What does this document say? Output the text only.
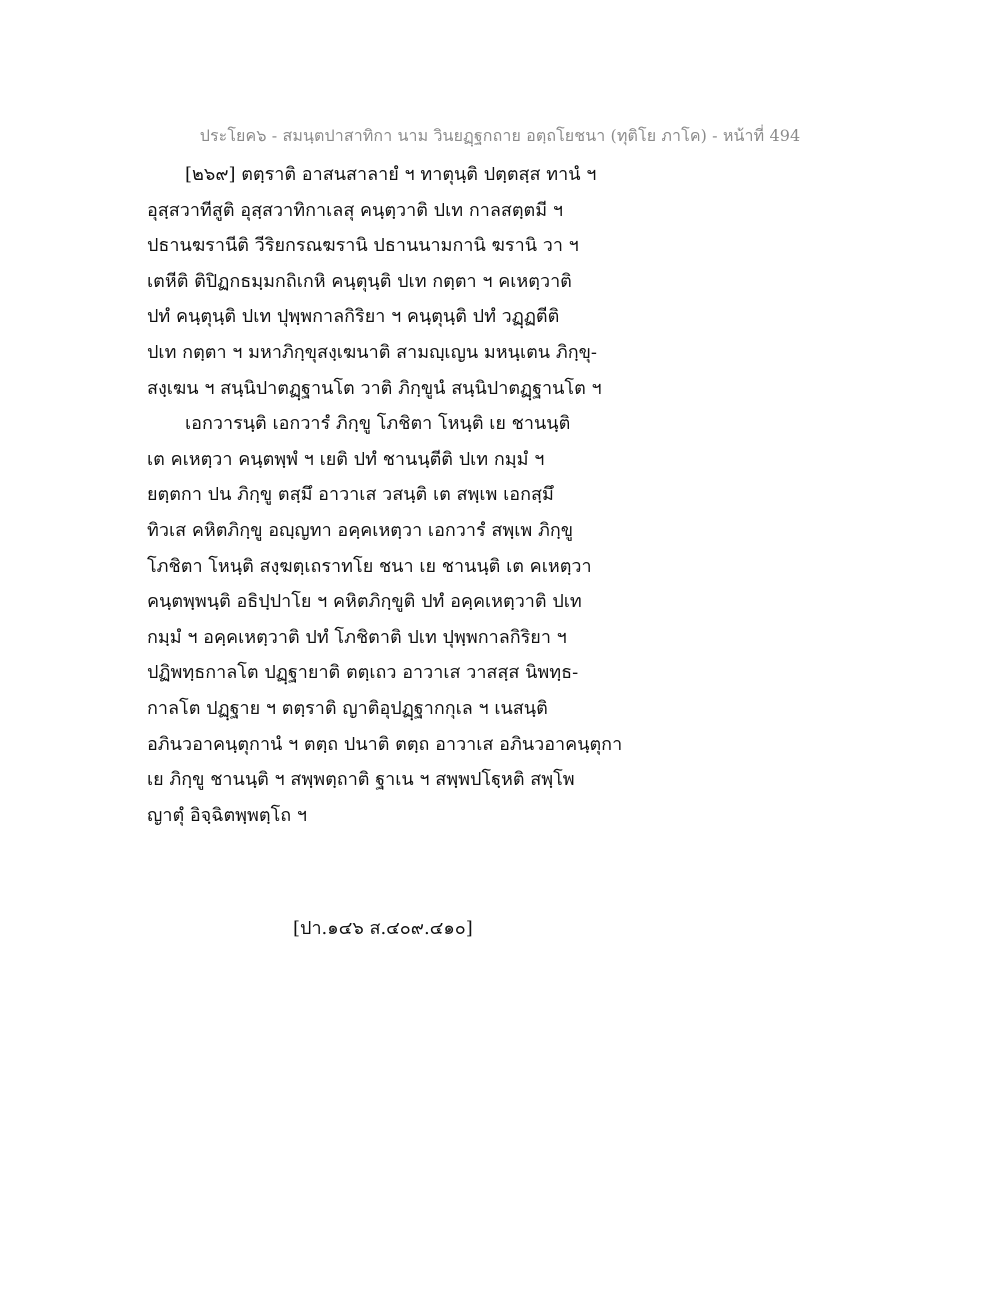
ประโยค๖ - สมนฺตปาสาทิกา นาม วินยฏฺฐกถาย อตฺถโยชนา (ทุติโย ภาโค) - หน้าที่ 494
[๒๖๙] ตตฺราติ อาสนสาลายํ ฯ ทาตุนฺติ ปตฺตสฺส ทานํ ฯ
อุสฺสวาทีสูติ อุสฺสวาทิกาเลสุ คนฺตฺวาติ ปเท กาลสตฺตมี ฯ
ปธานฆรานีติ วีริยกรณฆรานิ ปธานนามกานิ ฆรานิ วา ฯ
เตหีติ ติปิฏกธมฺมกถิเกหิ คนฺตุนฺติ ปเท กตฺตา ฯ คเหตฺวาติ
ปทํ คนฺตุนฺติ ปเท ปุพฺพกาลกิริยา ฯ คนฺตุนฺติ ปทํ วฏฺฏตีติ
ปเท กตฺตา ฯ มหาภิกฺขุสงฺเฆนาติ สามญฺเญน มหนฺเตน ภิกฺขุ-
สงฺเฆน ฯ สนฺนิปาตฏฺฐานโต วาติ ภิกฺขูนํ สนฺนิปาตฏฺฐานโต ฯ
เอกวารนฺติ เอกวารํ ภิกฺขู โภชิตา โหนฺติ เย ชานนฺติ
เต คเหตฺวา คนฺตพฺพํ ฯ เยติ ปทํ ชานนฺตีติ ปเท กมฺมํ ฯ
ยตฺตกา ปน ภิกฺขู ตสฺมึ อาวาเส วสนฺติ เต สพฺเพ เอกสฺมึ
ทิวเส คหิตภิกฺขู อญฺญทา อคฺคเหตฺวา เอกวารํ สพฺเพ ภิกฺขู
โภชิตา โหนฺติ สงฺฆตฺเถราทโย ชนา เย ชานนฺติ เต คเหตฺวา
คนฺตพฺพนฺติ อธิปฺปาโย ฯ คหิตภิกฺขูติ ปทํ อคฺคเหตฺวาติ ปเท
กมฺมํ ฯ อคฺคเหตฺวาติ ปทํ โภชิตาติ ปเท ปุพฺพกาลกิริยา ฯ
ปฏิพทฺธกาลโต ปฏฺฐายาติ ตตฺเถว อาวาเส วาสสฺส นิพทฺธ-
กาลโต ปฏฺฐาย ฯ ตตฺราติ ญาติอุปฏฺฐากกุเล ฯ เนสนฺติ
อภินวอาคนฺตุกานํ ฯ ตตฺถ ปนาติ ตตฺถ อาวาเส อภินวอาคนฺตุกา
เย ภิกฺขู ชานนฺติ ฯ สพฺพตฺถาติ ฐาเน ฯ สพฺพปโฐฺหติ สพฺโพ
ญาตุํ อิจฺฉิตพฺพตฺโถ ฯ
[ปา.๑๔๖ ส.๔๐๙.๔๑๐]
